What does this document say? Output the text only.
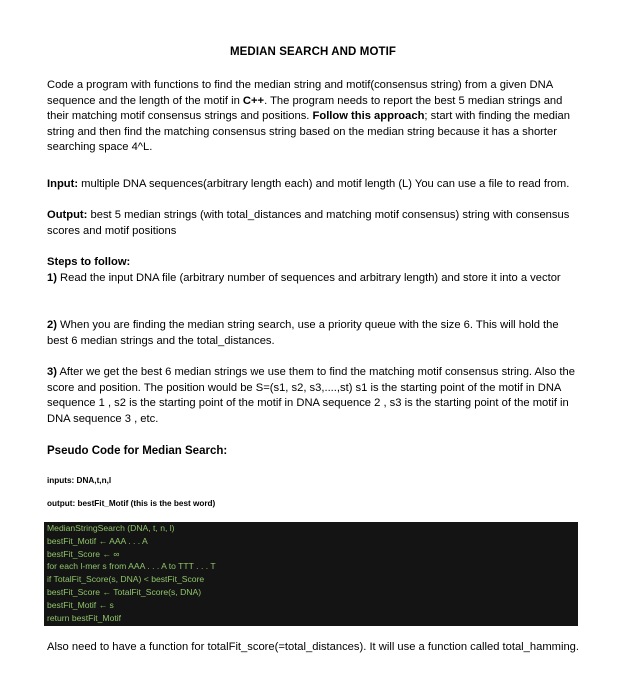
MEDIAN SEARCH AND MOTIF

Code a program with functions to find the median string and motif(consensus string) from a given DNA sequence and the length of the motif in C++. The program needs to report the best 5 median strings and their matching motif consensus strings and positions. Follow this approach; start with finding the median string and then find the matching consensus string based on the median string because it has a shorter searching space 4^L.

Input: multiple DNA sequences(arbitrary length each) and motif length (L) You can use a file to read from.

Output: best 5 median strings (with total_distances and matching motif consensus) string with consensus scores and motif positions

Steps to follow:

1) Read the input DNA file (arbitrary number of sequences and arbitrary length) and store it into a vector

2) When you are finding the median string search, use a priority queue with the size 6. This will hold the best 6 median strings and the total_distances.

3) After we get the best 6 median strings we use them to find the matching motif consensus string. Also the score and position. The position would be S=(s1, s2, s3,....,st) s1 is the starting point of the motif in DNA sequence 1 , s2 is the starting point of the motif in DNA sequence 2 , s3 is the starting point of the motif in DNA sequence 3 , etc.

Pseudo Code for Median Search:
inputs: DNA,t,n,l
output: bestFit_Motif (this is the best word)
MedianStringSearch (DNA, t, n, l)
bestFit_Motif ← AAA . . . A
bestFit_Score ← ∞
for each l-mer s from AAA . . . A to TTT . . . T
if TotalFit_Score(s, DNA) < bestFit_Score
bestFit_Score ← TotalFit_Score(s, DNA)
bestFit_Motif ← s
return bestFit_Motif

Also need to have a function for totalFit_score(=total_distances). It will use a function called total_hamming.
